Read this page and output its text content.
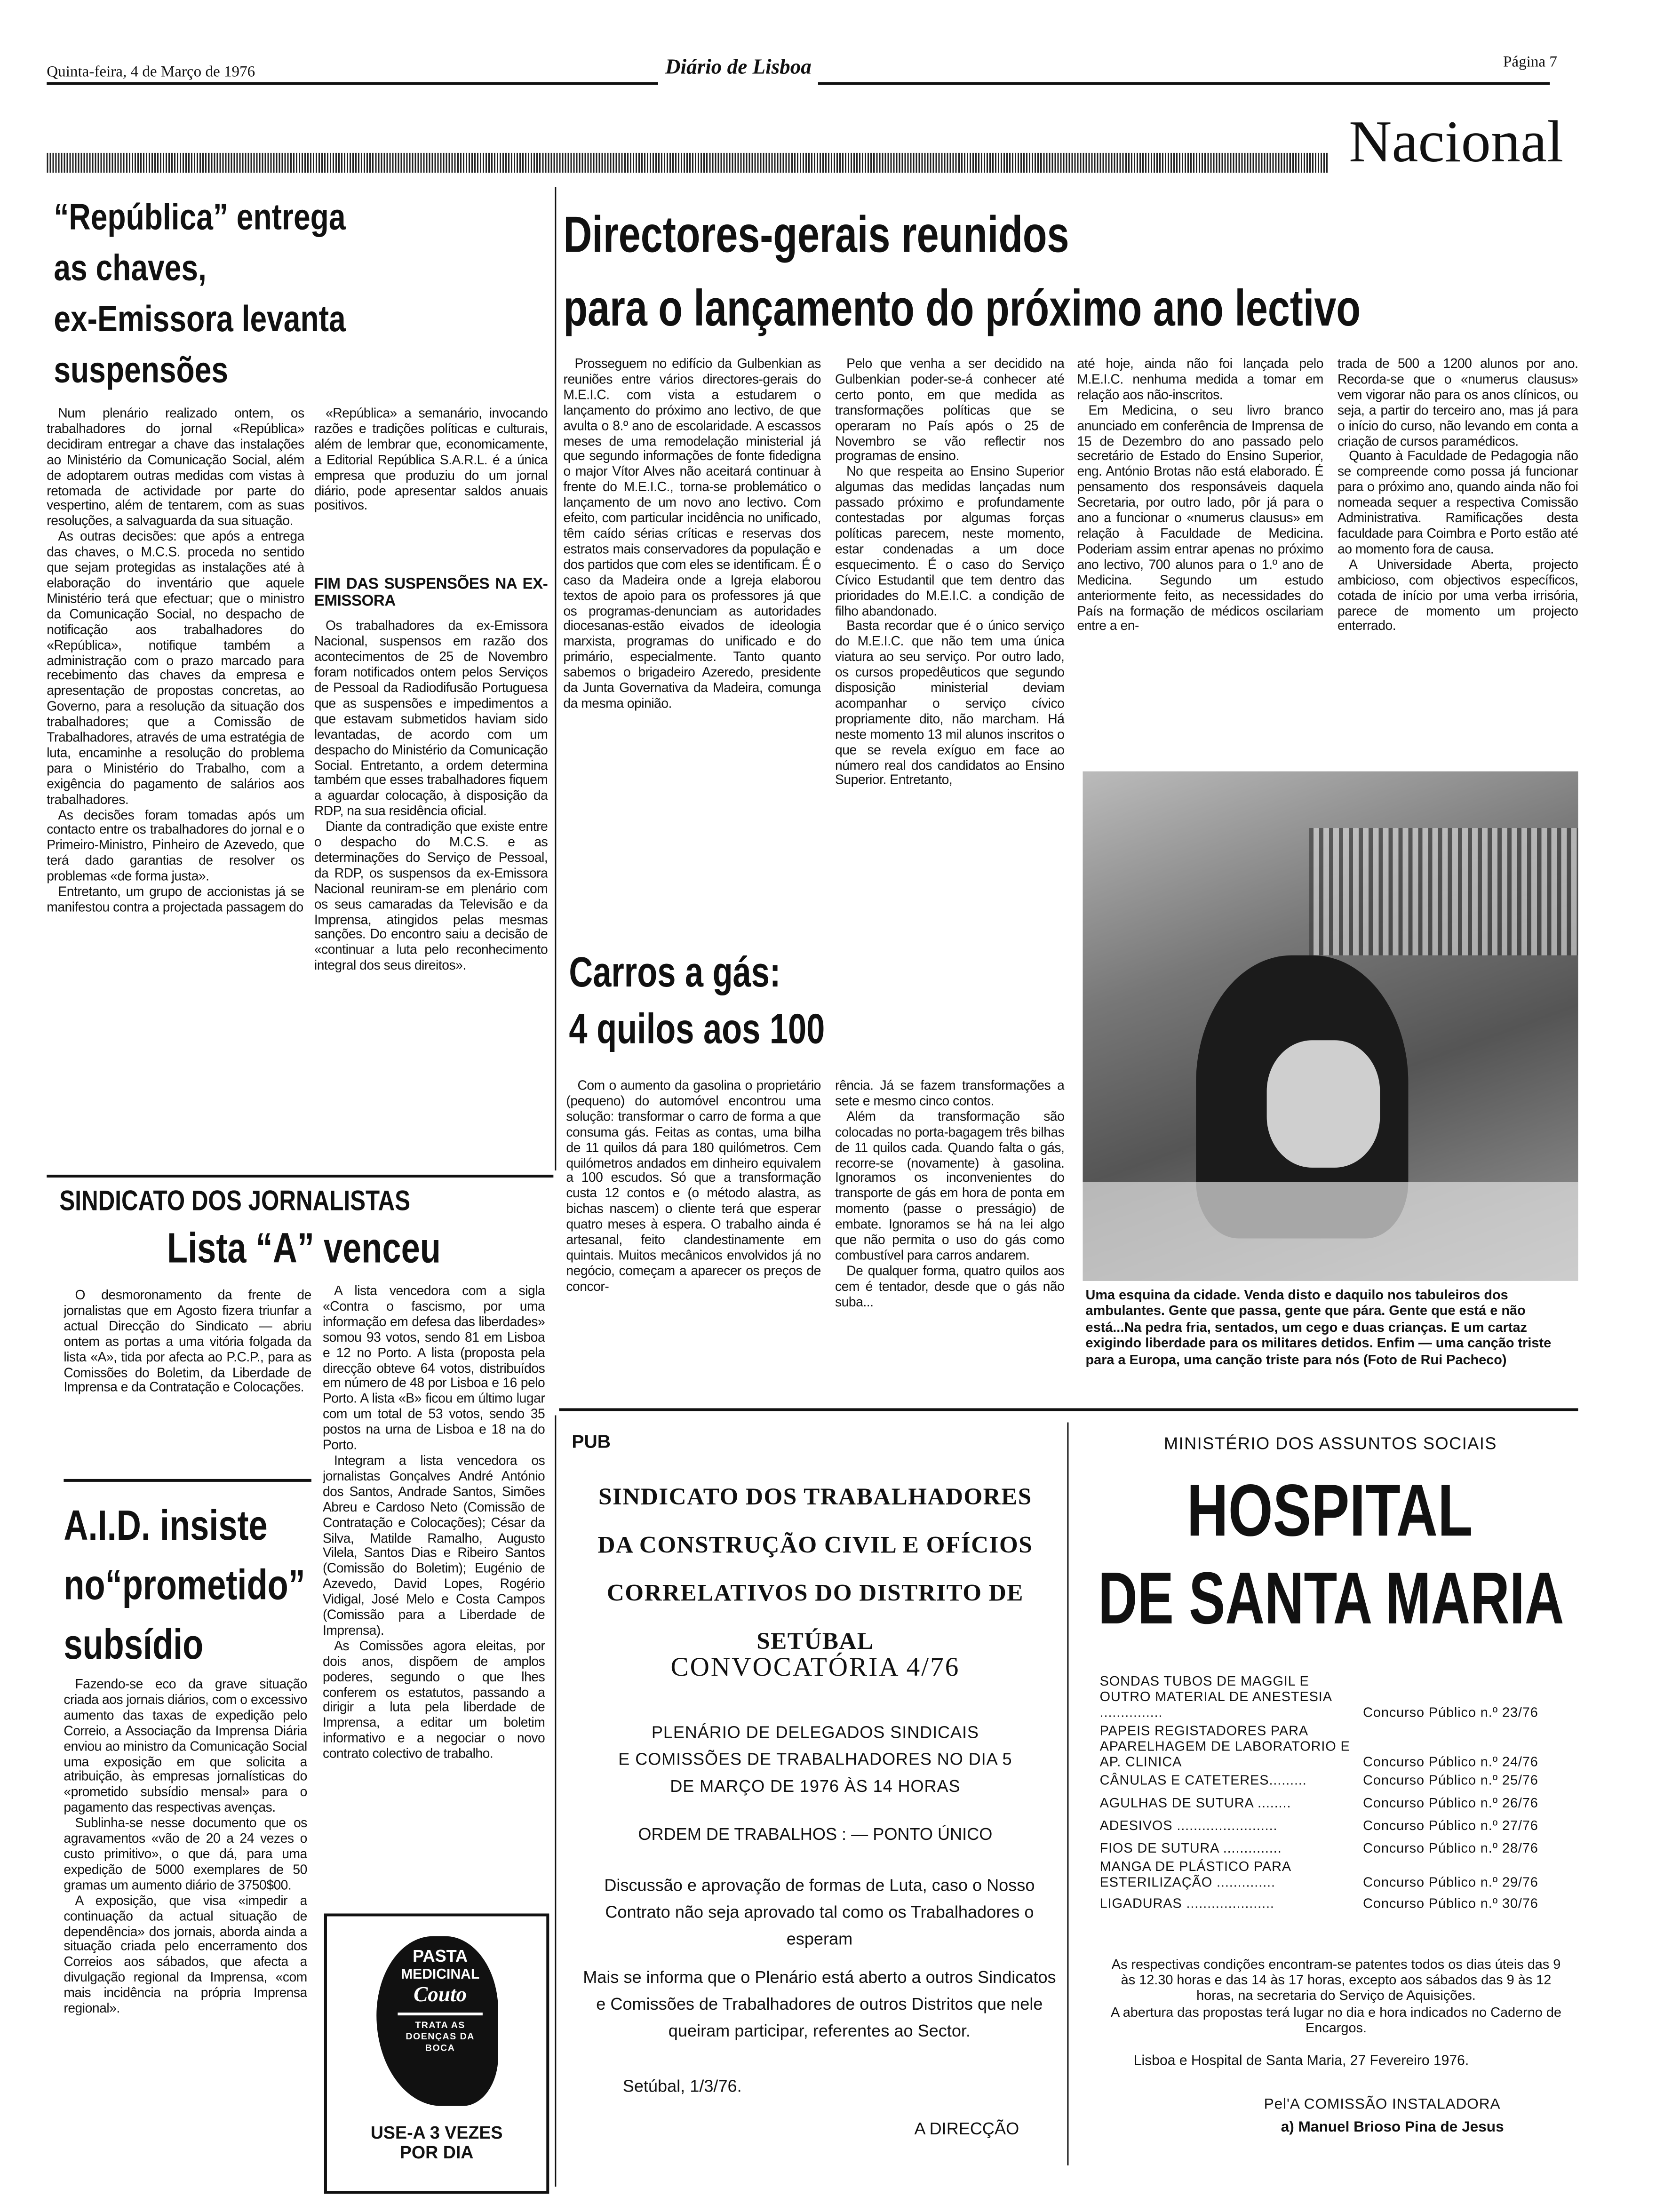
Quinta-feira, 4 de Março de 1976	Diário de Lisboa	Página 7
Nacional
“República” entrega
as chaves,
ex-Emissora levanta
suspensões

Num plenário realizado ontem, os trabalhadores do jornal «República» decidiram entregar a chave das instalações ao Ministério da Comunicação Social, além de adoptarem outras medidas com vistas à retomada de actividade por parte do vespertino, além de tentarem, com as suas resoluções, a salvaguarda da sua situação.

As outras decisões: que após a entrega das chaves, o M.C.S. proceda no sentido que sejam protegidas as instalações até à elaboração do inventário que aquele Ministério terá que efectuar; que o ministro da Comunicação Social, no despacho de notificação aos trabalhadores do «República», notifique também a administração com o prazo marcado para recebimento das chaves da empresa e apresentação de propostas concretas, ao Governo, para a resolução da situação dos trabalhadores; que a Comissão de Trabalhadores, através de uma estratégia de luta, encaminhe a resolução do problema para o Ministério do Trabalho, com a exigência do pagamento de salários aos trabalhadores.

As decisões foram tomadas após um contacto entre os trabalhadores do jornal e o Primeiro-Ministro, Pinheiro de Azevedo, que terá dado garantias de resolver os problemas «de forma justa».

Entretanto, um grupo de accionistas já se manifestou contra a projectada passagem do

«República» a semanário, invocando razões e tradições políticas e culturais, além de lembrar que, economicamente, a Editorial República S.A.R.L. é a única empresa que produziu do um jornal diário, pode apresentar saldos anuais positivos.

FIM DAS SUSPENSÕES NA EX-EMISSORA

Os trabalhadores da ex-Emissora Nacional, suspensos em razão dos acontecimentos de 25 de Novembro foram notificados ontem pelos Serviços de Pessoal da Radiodifusão Portuguesa que as suspensões e impedimentos a que estavam submetidos haviam sido levantadas, de acordo com um despacho do Ministério da Comunicação Social. Entretanto, a ordem determina também que esses trabalhadores fiquem a aguardar colocação, à disposição da RDP, na sua residência oficial.

Diante da contradição que existe entre o despacho do M.C.S. e as determinações do Serviço de Pessoal, da RDP, os suspensos da ex-Emissora Nacional reuniram-se em plenário com os seus camaradas da Televisão e da Imprensa, atingidos pelas mesmas sanções. Do encontro saiu a decisão de «continuar a luta pelo reconhecimento integral dos seus direitos».

Directores-gerais reunidos
para o lançamento do próximo ano lectivo

Prosseguem no edifício da Gulbenkian as reuniões entre vários directores-gerais do M.E.I.C. com vista a estudarem o lançamento do próximo ano lectivo, de que avulta o 8.º ano de escolaridade. A escassos meses de uma remodelação ministerial já que segundo informações de fonte fidedigna o major Vítor Alves não aceitará continuar à frente do M.E.I.C., torna-se problemático o lançamento de um novo ano lectivo. Com efeito, com particular incidência no unificado, têm caído sérias críticas e reservas dos estratos mais conservadores da população e dos partidos que com eles se identificam. É o caso da Madeira onde a Igreja elaborou textos de apoio para os professores já que os programas-denunciam as autoridades diocesanas-estão eivados de ideologia marxista, programas do unificado e do primário, especialmente. Tanto quanto sabemos o brigadeiro Azeredo, presidente da Junta Governativa da Madeira, comunga da mesma opinião.

Pelo que venha a ser decidido na Gulbenkian poder-se-á conhecer até certo ponto, em que medida as transformações políticas que se operaram no País após o 25 de Novembro se vão reflectir nos programas de ensino.

No que respeita ao Ensino Superior algumas das medidas lançadas num passado próximo e profundamente contestadas por algumas forças políticas parecem, neste momento, estar condenadas a um doce esquecimento. É o caso do Serviço Cívico Estudantil que tem dentro das prioridades do M.E.I.C. a condição de filho abandonado.

Basta recordar que é o único serviço do M.E.I.C. que não tem uma única viatura ao seu serviço. Por outro lado, os cursos propedêuticos que segundo disposição ministerial deviam acompanhar o serviço cívico propriamente dito, não marcham. Há neste momento 13 mil alunos inscritos o que se revela exíguo em face ao número real dos candidatos ao Ensino Superior. Entretanto,

até hoje, ainda não foi lançada pelo M.E.I.C. nenhuma medida a tomar em relação aos não-inscritos.

Em Medicina, o seu livro branco anunciado em conferência de Imprensa de 15 de Dezembro do ano passado pelo secretário de Estado do Ensino Superior, eng. António Brotas não está elaborado. É pensamento dos responsáveis daquela Secretaria, por outro lado, pôr já para o ano a funcionar o «numerus clausus» em relação à Faculdade de Medicina. Poderiam assim entrar apenas no próximo ano lectivo, 700 alunos para o 1.º ano de Medicina. Segundo um estudo anteriormente feito, as necessidades do País na formação de médicos oscilariam entre a en-

trada de 500 a 1200 alunos por ano. Recorda-se que o «numerus clausus» vem vigorar não para os anos clínicos, ou seja, a partir do terceiro ano, mas já para o início do curso, não levando em conta a criação de cursos paramédicos.

Quanto à Faculdade de Pedagogia não se compreende como possa já funcionar para o próximo ano, quando ainda não foi nomeada sequer a respectiva Comissão Administrativa. Ramificações desta faculdade para Coimbra e Porto estão até ao momento fora de causa.

A Universidade Aberta, projecto ambicioso, com objectivos específicos, cotada de início por uma verba irrisória, parece de momento um projecto enterrado.

Uma esquina da cidade. Venda disto e daquilo nos tabuleiros dos ambulantes. Gente que passa, gente que pára. Gente que está e não está...Na pedra fria, sentados, um cego e duas crianças. E um cartaz exigindo liberdade para os militares detidos. Enfim — uma canção triste para a Europa, uma canção triste para nós (Foto de Rui Pacheco)
Carros a gás:
4 quilos aos 100

Com o aumento da gasolina o proprietário (pequeno) do automóvel encontrou uma solução: transformar o carro de forma a que consuma gás. Feitas as contas, uma bilha de 11 quilos dá para 180 quilómetros. Cem quilómetros andados em dinheiro equivalem a 100 escudos. Só que a transformação custa 12 contos e (o método alastra, as bichas nascem) o cliente terá que esperar quatro meses à espera. O trabalho ainda é artesanal, feito clandestinamente em quintais. Muitos mecânicos envolvidos já no negócio, começam a aparecer os preços de concor-

rência. Já se fazem transformações a sete e mesmo cinco contos.

Além da transformação são colocadas no porta-bagagem três bilhas de 11 quilos cada. Quando falta o gás, recorre-se (novamente) à gasolina. Ignoramos os inconvenientes do transporte de gás em hora de ponta em momento (passe o presságio) de embate. Ignoramos se há na lei algo que não permita o uso do gás como combustível para carros andarem.

De qualquer forma, quatro quilos aos cem é tentador, desde que o gás não suba...

SINDICATO DOS JORNALISTAS
Lista “A” venceu

O desmoronamento da frente de jornalistas que em Agosto fizera triunfar a actual Direcção do Sindicato — abriu ontem as portas a uma vitória folgada da lista «A», tida por afecta ao P.C.P., para as Comissões do Boletim, da Liberdade de Imprensa e da Contratação e Colocações.

A lista vencedora com a sigla «Contra o fascismo, por uma informação em defesa das liberdades» somou 93 votos, sendo 81 em Lisboa e 12 no Porto. A lista (proposta pela direcção obteve 64 votos, distribuídos em número de 48 por Lisboa e 16 pelo Porto. A lista «B» ficou em último lugar com um total de 53 votos, sendo 35 postos na urna de Lisboa e 18 na do Porto.

Integram a lista vencedora os jornalistas Gonçalves André António dos Santos, Andrade Santos, Simões Abreu e Cardoso Neto (Comissão de Contratação e Colocações); César da Silva, Matilde Ramalho, Augusto Vilela, Santos Dias e Ribeiro Santos (Comissão do Boletim); Eugénio de Azevedo, David Lopes, Rogério Vidigal, José Melo e Costa Campos (Comissão para a Liberdade de Imprensa).

As Comissões agora eleitas, por dois anos, dispõem de amplos poderes, segundo o que lhes conferem os estatutos, passando a dirigir a luta pela liberdade de Imprensa, a editar um boletim informativo e a negociar o novo contrato colectivo de trabalho.

A.I.D. insiste
no“prometido”
subsídio

Fazendo-se eco da grave situação criada aos jornais diários, com o excessivo aumento das taxas de expedição pelo Correio, a Associação da Imprensa Diária enviou ao ministro da Comunicação Social uma exposição em que solicita a atribuição, às empresas jornalísticas do «prometido subsídio mensal» para o pagamento das respectivas avenças.

Sublinha-se nesse documento que os agravamentos «vão de 20 a 24 vezes o custo primitivo», o que dá, para uma expedição de 5000 exemplares de 50 gramas um aumento diário de 3750$00.

A exposição, que visa «impedir a continuação da actual situação de dependência» dos jornais, aborda ainda a situação criada pelo encerramento dos Correios aos sábados, que afecta a divulgação regional da Imprensa, «com mais incidência na própria Imprensa regional».

PASTA
MEDICINAL
Couto
TRATA AS
DOENÇAS DA
BOCA
USE-A 3 VEZES
POR DIA
PUB
SINDICATO DOS TRABALHADORES
DA CONSTRUÇÃO CIVIL E OFÍCIOS
CORRELATIVOS DO DISTRITO DE SETÚBAL
CONVOCATÓRIA 4/76
PLENÁRIO DE DELEGADOS SINDICAIS
E COMISSÕES DE TRABALHADORES NO DIA 5
DE MARÇO DE 1976 ÀS 14 HORAS
ORDEM DE TRABALHOS : — PONTO ÚNICO
Discussão e aprovação de formas de Luta, caso o Nosso Contrato não seja aprovado tal como os Trabalhadores o esperam
Mais se informa que o Plenário está aberto a outros Sindicatos e Comissões de Trabalhadores de outros Distritos que nele queiram participar, referentes ao Sector.
Setúbal, 1/3/76.
A DIRECÇÃO
MINISTÉRIO DOS ASSUNTOS SOCIAIS
HOSPITAL
DE SANTA MARIA
SONDAS TUBOS DE MAGGIL E OUTRO MATERIAL DE ANESTESIA ...............	Concurso Público n.º 23/76
PAPEIS REGISTADORES PARA APARELHAGEM DE LABORATORIO E AP. CLINICA	Concurso Público n.º 24/76
CÂNULAS E CATETERES.........	Concurso Público n.º 25/76
AGULHAS DE SUTURA ........	Concurso Público n.º 26/76
ADESIVOS ........................	Concurso Público n.º 27/76
FIOS DE SUTURA ..............	Concurso Público n.º 28/76
MANGA DE PLÁSTICO PARA ESTERILIZAÇÃO ..............	Concurso Público n.º 29/76
LIGADURAS .....................	Concurso Público n.º 30/76
As respectivas condições encontram-se patentes todos os dias úteis das 9 às 12.30 horas e das 14 às 17 horas, excepto aos sábados das 9 às 12 horas, na secretaria do Serviço de Aquisições.
A abertura das propostas terá lugar no dia e hora indicados no Caderno de Encargos.
Lisboa e Hospital de Santa Maria, 27 Fevereiro 1976.
Pel'A COMISSÃO INSTALADORA
a) Manuel Brioso Pina de Jesus
